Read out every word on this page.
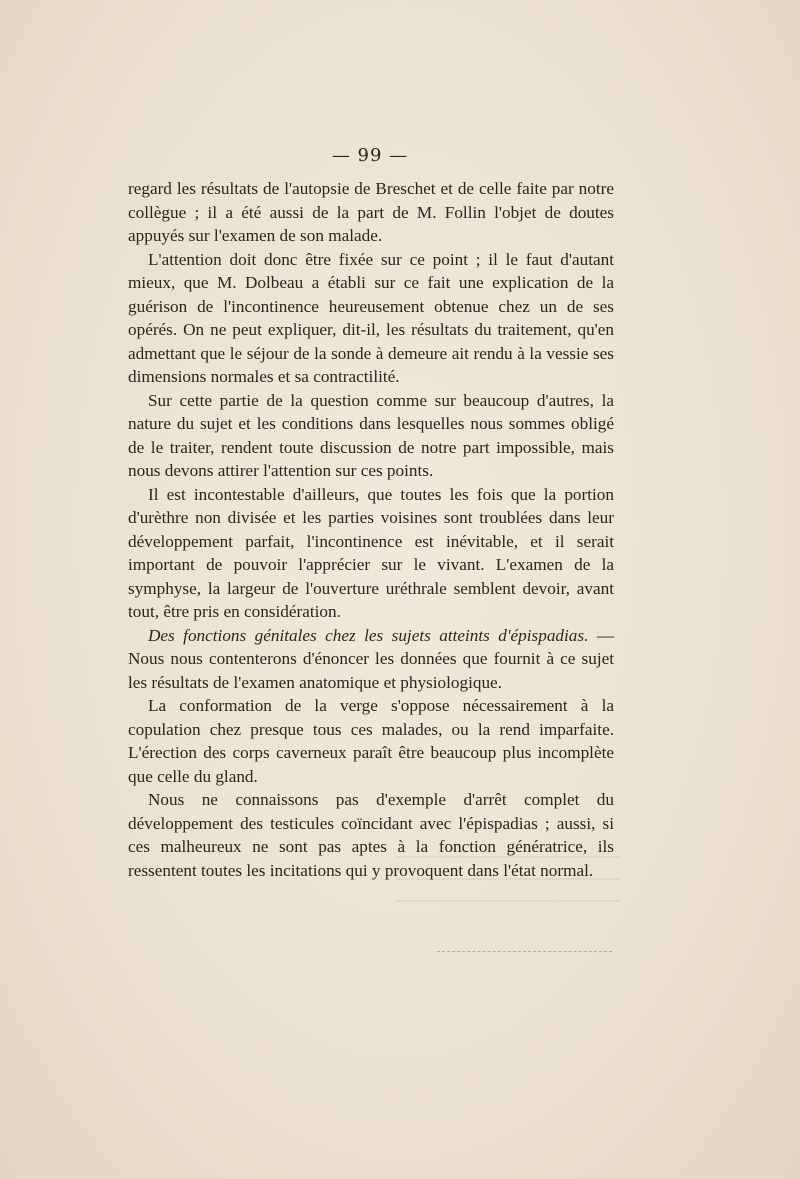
— 99 —

regard les résultats de l'autopsie de Breschet et de celle faite par notre collègue ; il a été aussi de la part de M. Follin l'objet de doutes appuyés sur l'examen de son malade.

L'attention doit donc être fixée sur ce point ; il le faut d'autant mieux, que M. Dolbeau a établi sur ce fait une explication de la guérison de l'incontinence heureusement obtenue chez un de ses opérés. On ne peut expliquer, dit-il, les résultats du traitement, qu'en admettant que le séjour de la sonde à demeure ait rendu à la vessie ses dimensions normales et sa contractilité.

Sur cette partie de la question comme sur beaucoup d'autres, la nature du sujet et les conditions dans lesquelles nous sommes obligé de le traiter, rendent toute discussion de notre part impossible, mais nous devons attirer l'attention sur ces points.

Il est incontestable d'ailleurs, que toutes les fois que la portion d'urèthre non divisée et les parties voisines sont troublées dans leur développement parfait, l'incontinence est inévitable, et il serait important de pouvoir l'apprécier sur le vivant. L'examen de la symphyse, la largeur de l'ouverture uréthrale semblent devoir, avant tout, être pris en considération.

Des fonctions génitales chez les sujets atteints d'épispadias. — Nous nous contenterons d'énoncer les données que fournit à ce sujet les résultats de l'examen anatomique et physiologique.

La conformation de la verge s'oppose nécessairement à la copulation chez presque tous ces malades, ou la rend imparfaite. L'érection des corps caverneux paraît être beaucoup plus incomplète que celle du gland.

Nous ne connaissons pas d'exemple d'arrêt complet du développement des testicules coïncidant avec l'épispadias ; aussi, si ces malheureux ne sont pas aptes à la fonction génératrice, ils ressentent toutes les incitations qui y provoquent dans l'état normal.
